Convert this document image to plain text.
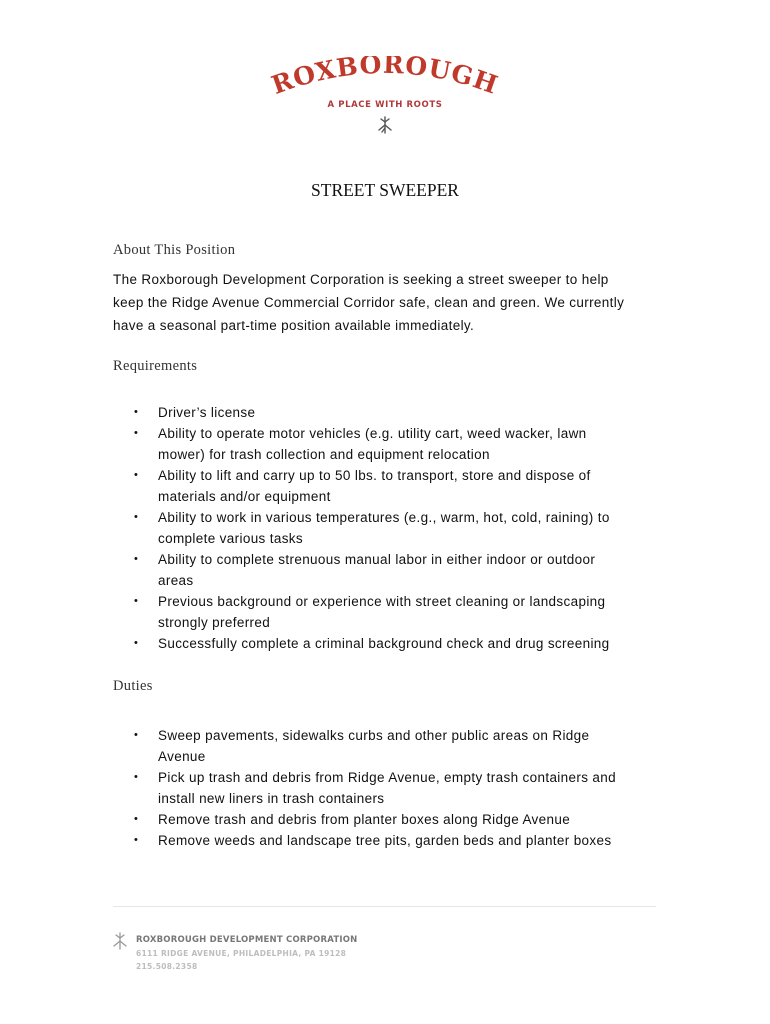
ROXBOROUGH
A PLACE WITH ROOTS
STREET SWEEPER
About This Position
The Roxborough Development Corporation is seeking a street sweeper to help
keep the Ridge Avenue Commercial Corridor safe, clean and green. We currently
have a seasonal part-time position available immediately.
Requirements
• Driver’s license
• Ability to operate motor vehicles (e.g. utility cart, weed wacker, lawn
mower) for trash collection and equipment relocation
• Ability to lift and carry up to 50 lbs. to transport, store and dispose of
materials and/or equipment
• Ability to work in various temperatures (e.g., warm, hot, cold, raining) to
complete various tasks
• Ability to complete strenuous manual labor in either indoor or outdoor
areas
• Previous background or experience with street cleaning or landscaping
strongly preferred
• Successfully complete a criminal background check and drug screening
Duties
• Sweep pavements, sidewalks curbs and other public areas on Ridge
Avenue
• Pick up trash and debris from Ridge Avenue, empty trash containers and
install new liners in trash containers
• Remove trash and debris from planter boxes along Ridge Avenue
• Remove weeds and landscape tree pits, garden beds and planter boxes
ROXBOROUGH DEVELOPMENT CORPORATION
6111 RIDGE AVENUE, PHILADELPHIA, PA 19128
215.508.2358
